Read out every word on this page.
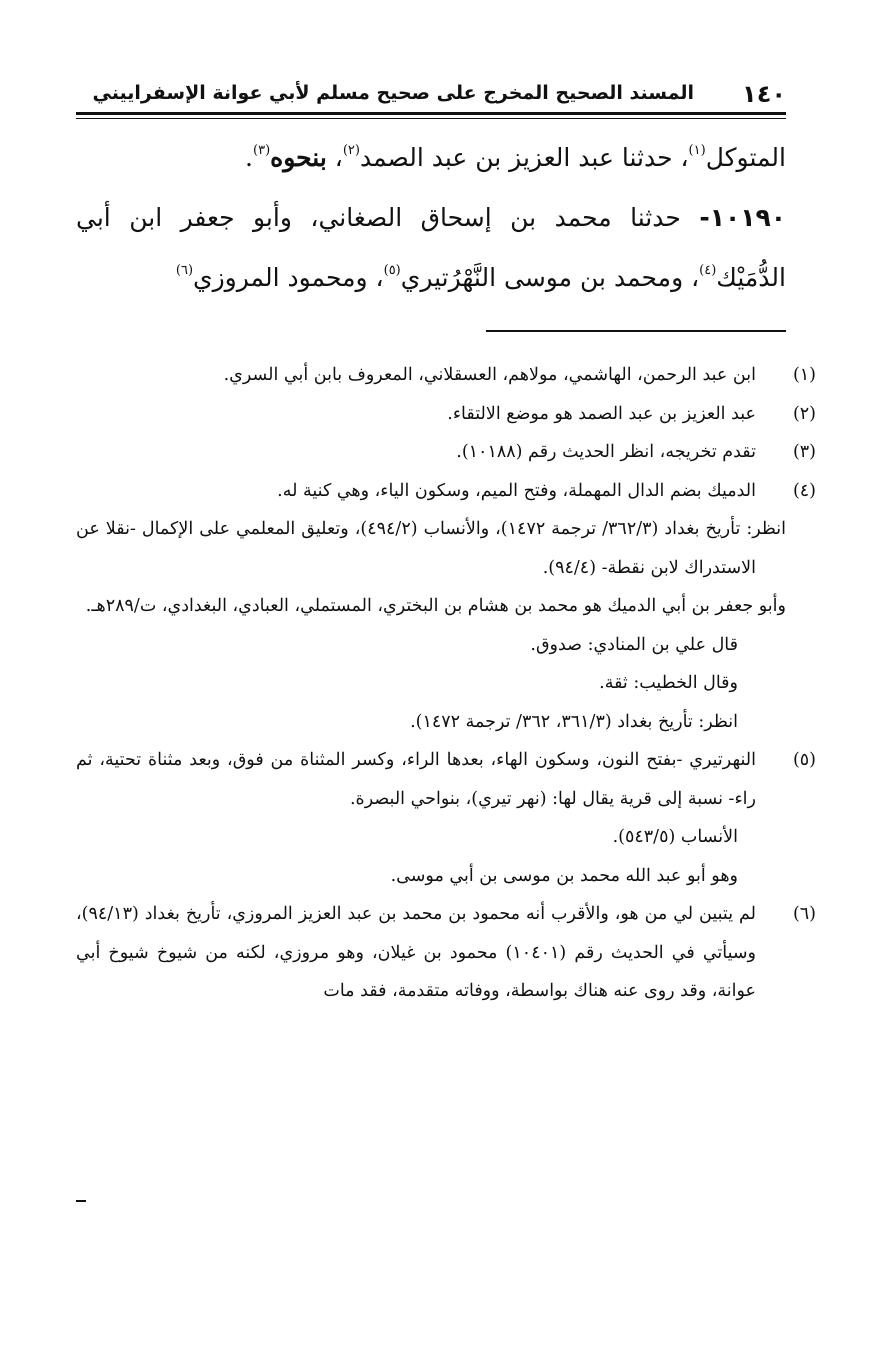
١٤٠
المسند الصحيح المخرج على صحيح مسلم لأبي عوانة الإسفراييني

المتوكل$^{(١)}$، حدثنا عبد العزيز بن عبد الصمد$^{(٢)}$، بنحوه$^{(٣)}$.

١٠١٩٠- حدثنا محمد بن إسحاق الصغاني، وأبو جعفر ابن أبي الدُّمَيْك$^{(٤)}$، ومحمد بن موسى النَّهْرُتيري$^{(٥)}$، ومحمود المروزي$^{(٦)}$

(١)ابن عبد الرحمن، الهاشمي، مولاهم، العسقلاني، المعروف بابن أبي السري.

(٢)عبد العزيز بن عبد الصمد هو موضع الالتقاء.

(٣)تقدم تخريجه، انظر الحديث رقم (١٠١٨٨).

(٤)الدميك بضم الدال المهملة، وفتح الميم، وسكون الياء، وهي كنية له.

انظر: تأريخ بغداد (٣٦٢/٣/ ترجمة ١٤٧٢)، والأنساب (٤٩٤/٢)، وتعليق المعلمي على الإكمال -نقلا عن الاستدراك لابن نقطة- (٩٤/٤).

وأبو جعفر بن أبي الدميك هو محمد بن هشام بن البختري، المستملي، العبادي، البغدادي، ت/٢٨٩هـ.

قال علي بن المنادي: صدوق.

وقال الخطيب: ثقة.

انظر: تأريخ بغداد (٣٦١/٣، ٣٦٢/ ترجمة ١٤٧٢).

(٥)النهرتيري -بفتح النون، وسكون الهاء، بعدها الراء، وكسر المثناة من فوق، وبعد مثناة تحتية، ثم راء- نسبة إلى قرية يقال لها: (نهر تيري)، بنواحي البصرة.

الأنساب (٥٤٣/٥).

وهو أبو عبد الله محمد بن موسى بن أبي موسى.

(٦)لم يتبين لي من هو، والأقرب أنه محمود بن محمد بن عبد العزيز المروزي، تأريخ بغداد (٩٤/١٣)، وسيأتي في الحديث رقم (١٠٤٠١) محمود بن غيلان، وهو مروزي، لكنه من شيوخ شيوخ أبي عوانة، وقد روى عنه هناك بواسطة، ووفاته متقدمة، فقد مات
